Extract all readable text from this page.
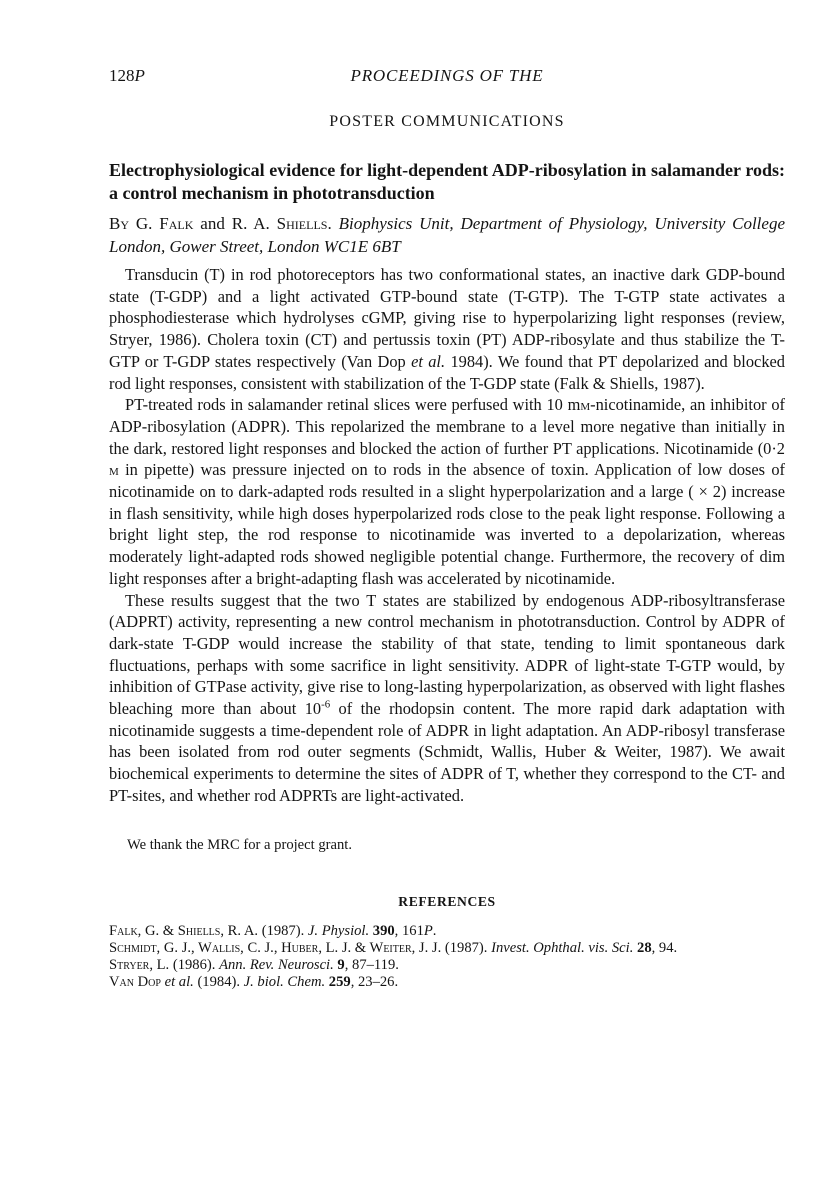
128P	PROCEEDINGS OF THE
POSTER COMMUNICATIONS
Electrophysiological evidence for light-dependent ADP-ribosylation in salamander rods: a control mechanism in phototransduction

By G. Falk and R. A. Shiells. Biophysics Unit, Department of Physiology, University College London, Gower Street, London WC1E 6BT

Transducin (T) in rod photoreceptors has two conformational states, an inactive dark GDP-bound state (T-GDP) and a light activated GTP-bound state (T-GTP). The T-GTP state activates a phosphodiesterase which hydrolyses cGMP, giving rise to hyperpolarizing light responses (review, Stryer, 1986). Cholera toxin (CT) and pertussis toxin (PT) ADP-ribosylate and thus stabilize the T-GTP or T-GDP states respectively (Van Dop et al. 1984). We found that PT depolarized and blocked rod light responses, consistent with stabilization of the T-GDP state (Falk & Shiells, 1987).

PT-treated rods in salamander retinal slices were perfused with 10 mm-nicotinamide, an inhibitor of ADP-ribosylation (ADPR). This repolarized the membrane to a level more negative than initially in the dark, restored light responses and blocked the action of further PT applications. Nicotinamide (0·2 m in pipette) was pressure injected on to rods in the absence of toxin. Application of low doses of nicotinamide on to dark-adapted rods resulted in a slight hyperpolarization and a large ( × 2) increase in flash sensitivity, while high doses hyperpolarized rods close to the peak light response. Following a bright light step, the rod response to nicotinamide was inverted to a depolarization, whereas moderately light-adapted rods showed negligible potential change. Furthermore, the recovery of dim light responses after a bright-adapting flash was accelerated by nicotinamide.

These results suggest that the two T states are stabilized by endogenous ADP-ribosyltransferase (ADPRT) activity, representing a new control mechanism in phototransduction. Control by ADPR of dark-state T-GDP would increase the stability of that state, tending to limit spontaneous dark fluctuations, perhaps with some sacrifice in light sensitivity. ADPR of light-state T-GTP would, by inhibition of GTPase activity, give rise to long-lasting hyperpolarization, as observed with light flashes bleaching more than about $10^{-6}$ of the rhodopsin content. The more rapid dark adaptation with nicotinamide suggests a time-dependent role of ADPR in light adaptation. An ADP-ribosyl transferase has been isolated from rod outer segments (Schmidt, Wallis, Huber & Weiter, 1987). We await biochemical experiments to determine the sites of ADPR of T, whether they correspond to the CT- and PT-sites, and whether rod ADPRTs are light-activated.

We thank the MRC for a project grant.

REFERENCES

Falk, G. & Shiells, R. A. (1987). J. Physiol. 390, 161P.

Schmidt, G. J., Wallis, C. J., Huber, L. J. & Weiter, J. J. (1987). Invest. Ophthal. vis. Sci. 28, 94.

Stryer, L. (1986). Ann. Rev. Neurosci. 9, 87–119.

Van Dop et al. (1984). J. biol. Chem. 259, 23–26.
